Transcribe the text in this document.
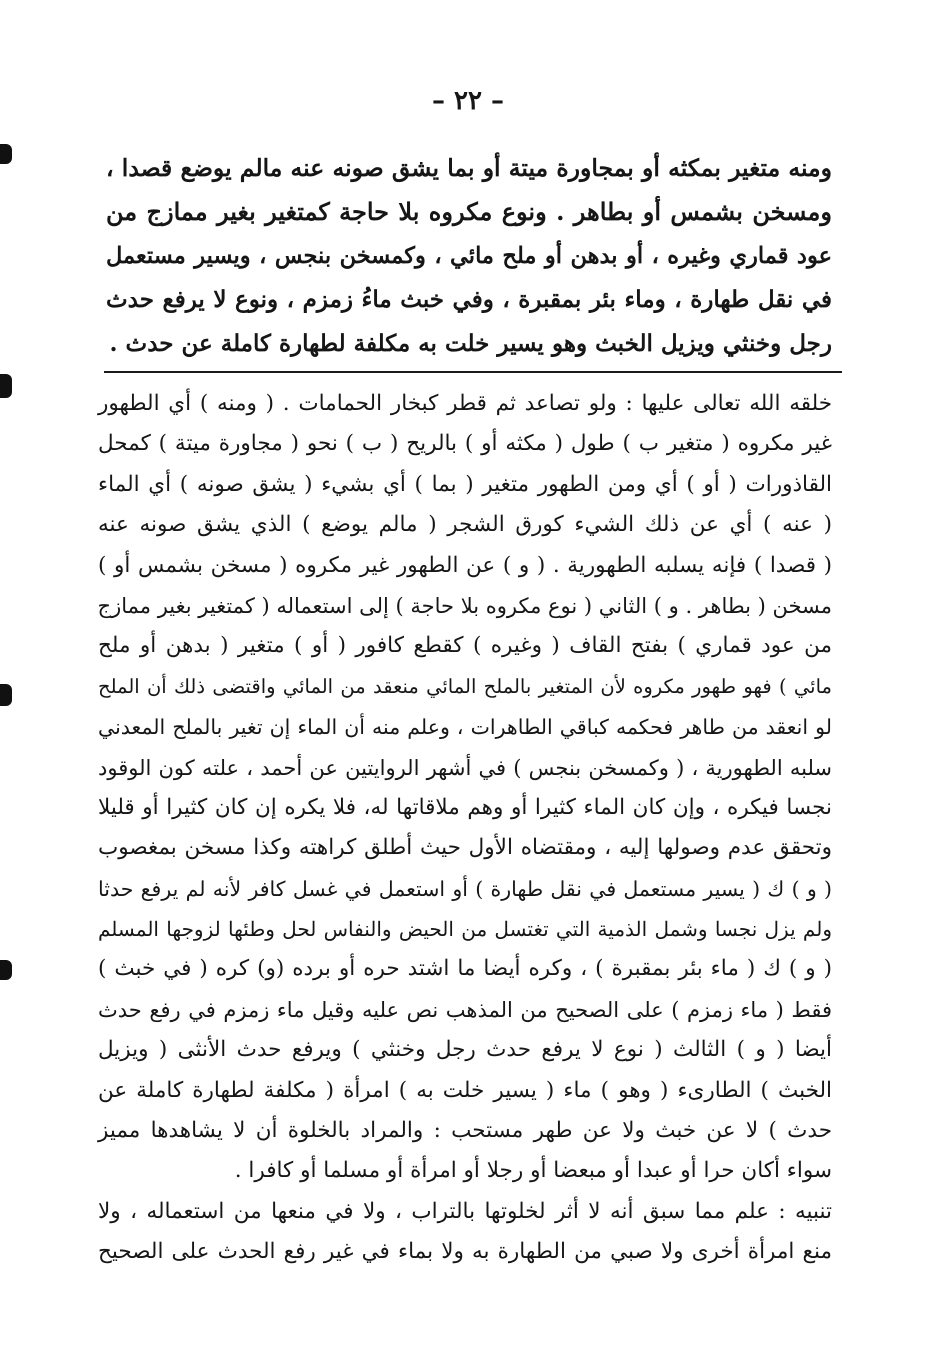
– ٢٢ –
ومنه متغير بمكثه أو بمجاورة ميتة أو بما يشق صونه عنه مالم يوضع قصدا ،
ومسخن بشمس أو بطاهر . ونوع مكروه بلا حاجة كمتغير بغير ممازج من
عود قماري وغيره ، أو بدهن أو ملح مائي ، وكمسخن بنجس ، ويسير مستعمل
في نقل طهارة ، وماء بئر بمقبرة ، وفي خبث ماءُ زمزم ، ونوع لا يرفع حدث
رجل وخنثي ويزيل الخبث وهو يسير خلت به مكلفة لطهارة كاملة عن حدث .
خلقه الله تعالى عليها : ولو تصاعد ثم قطر كبخار الحمامات . ( ومنه ) أي الطهور
غير مكروه ( متغير ب ) طول ( مكثه أو ) بالريح ( ب ) نحو ( مجاورة ميتة ) كمحل
القاذورات ( أو ) أي ومن الطهور متغير ( بما ) أي بشيء ( يشق صونه ) أي الماء
( عنه ) أي عن ذلك الشيء كورق الشجر ( مالم يوضع ) الذي يشق صونه عنه
( قصدا ) فإنه يسلبه الطهورية . ( و ) عن الطهور غير مكروه ( مسخن بشمس أو )
مسخن ( بطاهر . و ) الثاني ( نوع مكروه بلا حاجة ) إلى استعماله ( كمتغير بغير ممازج
من عود قماري ) بفتح القاف ( وغيره ) كقطع كافور ( أو ) متغير ( بدهن أو ملح
مائي ) فهو طهور مكروه لأن المتغير بالملح المائي منعقد من المائي واقتضى ذلك أن الملح
لو انعقد من طاهر فحكمه كباقي الطاهرات ، وعلم منه أن الماء إن تغير بالملح المعدني
سلبه الطهورية ، ( وكمسخن بنجس ) في أشهر الروايتين عن أحمد ، علته كون الوقود
نجسا فيكره ، وإن كان الماء كثيرا أو وهم ملاقاتها له، فلا يكره إن كان كثيرا أو قليلا
وتحقق عدم وصولها إليه ، ومقتضاه الأول حيث أطلق كراهته وكذا مسخن بمغصوب
( و ) ك ( يسير مستعمل في نقل طهارة ) أو استعمل في غسل كافر لأنه لم يرفع حدثا
ولم يزل نجسا وشمل الذمية التي تغتسل من الحيض والنفاس لحل وطئها لزوجها المسلم
( و ) ك ( ماء بئر بمقبرة ) ، وكره أيضا ما اشتد حره أو برده (و) كره ( في خبث )
فقط ( ماء زمزم ) على الصحيح من المذهب نص عليه وقيل ماء زمزم في رفع حدث
أيضا ( و ) الثالث ( نوع لا يرفع حدث رجل وخنثي ) ويرفع حدث الأنثى ( ويزيل
الخبث ) الطارىء ( وهو ) ماء ( يسير خلت به ) امرأة ( مكلفة لطهارة كاملة عن
حدث ) لا عن خبث ولا عن طهر مستحب : والمراد بالخلوة أن لا يشاهدها مميز
سواء أكان حرا أو عبدا أو مبعضا أو رجلا أو امرأة أو مسلما أو كافرا .
تنبيه : علم مما سبق أنه لا أثر لخلوتها بالتراب ، ولا في منعها من استعماله ، ولا
منع امرأة أخرى ولا صبي من الطهارة به ولا بماء في غير رفع الحدث على الصحيح
